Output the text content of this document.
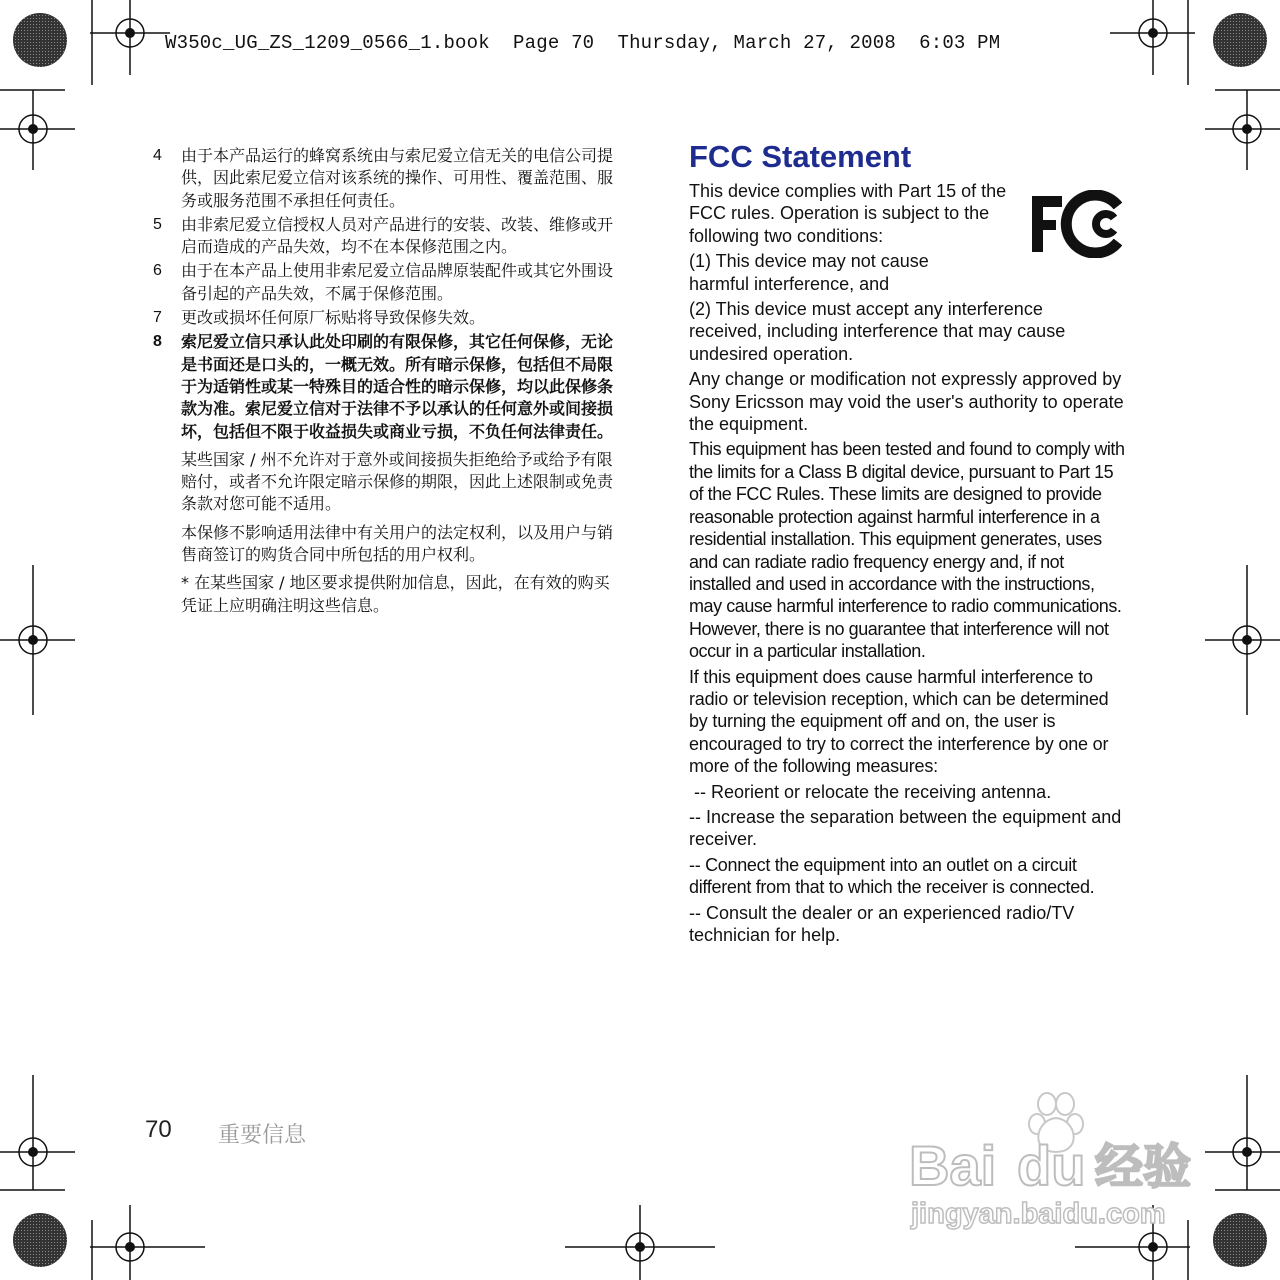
W350c_UG_ZS_1209_0566_1.book  Page 70  Thursday, March 27, 2008  6:03 PM
4 由于本产品运行的蜂窝系统由与索尼爱立信无关的电信公司提供，因此索尼爱立信对该系统的操作、可用性、覆盖范围、服务或服务范围不承担任何责任。
5 由非索尼爱立信授权人员对产品进行的安装、改装、维修或开启而造成的产品失效，均不在本保修范围之内。
6 由于在本产品上使用非索尼爱立信品牌原装配件或其它外围设备引起的产品失效，不属于保修范围。
7 更改或损坏任何原厂标贴将导致保修失效。
8 索尼爱立信只承认此处印刷的有限保修，其它任何保修，无论是书面还是口头的，一概无效。所有暗示保修，包括但不局限于为适销性或某一特殊目的适合性的暗示保修，均以此保修条款为准。索尼爱立信对于法律不予以承认的任何意外或间接损坏，包括但不限于收益损失或商业亏损，不负任何法律责任。
某些国家 / 州不允许对于意外或间接损失拒绝给予或给予有限赔付，或者不允许限定暗示保修的期限，因此上述限制或免责条款对您可能不适用。
本保修不影响适用法律中有关用户的法定权利，以及用户与销售商签订的购货合同中所包括的用户权利。
* 在某些国家 / 地区要求提供附加信息，因此，在有效的购买凭证上应明确注明这些信息。
FCC Statement

This device complies with Part 15 of the FCC rules. Operation is subject to the following two conditions:

(1) This device may not cause harmful interference, and

(2) This device must accept any interference received, including interference that may cause undesired operation.

Any change or modification not expressly approved by Sony Ericsson may void the user's authority to operate the equipment.

This equipment has been tested and found to comply with the limits for a Class B digital device, pursuant to Part 15 of the FCC Rules. These limits are designed to provide reasonable protection against harmful interference in a residential installation. This equipment generates, uses and can radiate radio frequency energy and, if not installed and used in accordance with the instructions, may cause harmful interference to radio communications. However, there is no guarantee that interference will not occur in a particular installation.

If this equipment does cause harmful interference to radio or television reception, which can be determined by turning the equipment off and on, the user is encouraged to try to correct the interference by one or more of the following measures:

-- Reorient or relocate the receiving antenna.

-- Increase the separation between the equipment and receiver.

-- Connect the equipment into an outlet on a circuit different from that to which the receiver is connected.

-- Consult the dealer or an experienced radio/TV technician for help.

70 重要信息	Bai du 经验
jingyan.baidu.com
